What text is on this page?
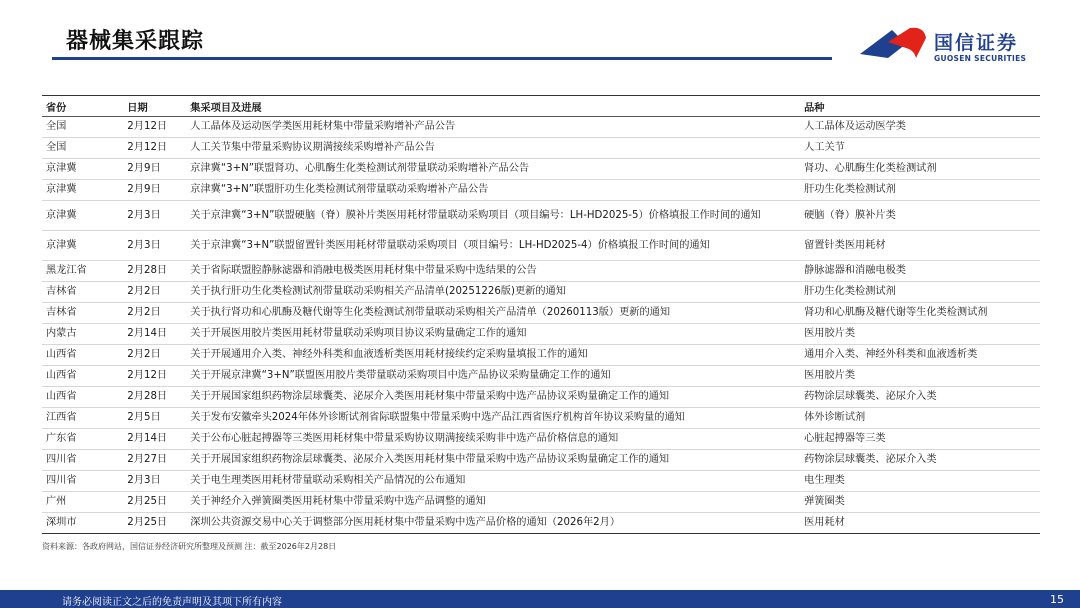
器械集采跟踪	国信证券
GUOSEN SECURITIES
省份	日期	集采项目及进展	品种
全国	2月12日	人工晶体及运动医学类医用耗材集中带量采购增补产品公告	人工晶体及运动医学类
全国	2月12日	人工关节集中带量采购协议期满接续采购增补产品公告	人工关节
京津冀	2月9日	京津冀“3+N”联盟肾功、心肌酶生化类检测试剂带量联动采购增补产品公告	肾功、心肌酶生化类检测试剂
京津冀	2月9日	京津冀“3+N”联盟肝功生化类检测试剂带量联动采购增补产品公告	肝功生化类检测试剂
京津冀	2月3日	关于京津冀“3+N”联盟硬脑（脊）膜补片类医用耗材带量联动采购项目（项目编号：LH-HD2025-5）价格填报工作时间的通知	硬脑（脊）膜补片类
京津冀	2月3日	关于京津冀“3+N”联盟留置针类医用耗材带量联动采购项目（项目编号：LH-HD2025-4）价格填报工作时间的通知	留置针类医用耗材
黑龙江省	2月28日	关于省际联盟腔静脉滤器和消融电极类医用耗材集中带量采购中选结果的公告	静脉滤器和消融电极类
吉林省	2月2日	关于执行肝功生化类检测试剂带量联动采购相关产品清单(20251226版)更新的通知	肝功生化类检测试剂
吉林省	2月2日	关于执行肾功和心肌酶及糖代谢等生化类检测试剂带量联动采购相关产品清单（20260113版）更新的通知	肾功和心肌酶及糖代谢等生化类检测试剂
内蒙古	2月14日	关于开展医用胶片类医用耗材带量联动采购项目协议采购量确定工作的通知	医用胶片类
山西省	2月2日	关于开展通用介入类、神经外科类和血液透析类医用耗材接续约定采购量填报工作的通知	通用介入类、神经外科类和血液透析类
山西省	2月12日	关于开展京津冀“3+N”联盟医用胶片类带量联动采购项目中选产品协议采购量确定工作的通知	医用胶片类
山西省	2月28日	关于开展国家组织药物涂层球囊类、泌尿介入类医用耗材集中带量采购中选产品协议采购量确定工作的通知	药物涂层球囊类、泌尿介入类
江西省	2月5日	关于发布安徽牵头2024年体外诊断试剂省际联盟集中带量采购中选产品江西省医疗机构首年协议采购量的通知	体外诊断试剂
广东省	2月14日	关于公布心脏起搏器等三类医用耗材集中带量采购协议期满接续采购非中选产品价格信息的通知	心脏起搏器等三类
四川省	2月27日	关于开展国家组织药物涂层球囊类、泌尿介入类医用耗材集中带量采购中选产品协议采购量确定工作的通知	药物涂层球囊类、泌尿介入类
四川省	2月3日	关于电生理类医用耗材带量联动采购相关产品情况的公布通知	电生理类
广州	2月25日	关于神经介入弹簧圈类医用耗材集中带量采购中选产品调整的通知	弹簧圈类
深圳市	2月25日	深圳公共资源交易中心关于调整部分医用耗材集中带量采购中选产品价格的通知（2026年2月）	医用耗材
资料来源：各政府网站，国信证券经济研究所整理及预测 注：截至2026年2月28日
请务必阅读正文之后的免责声明及其项下所有内容	15
